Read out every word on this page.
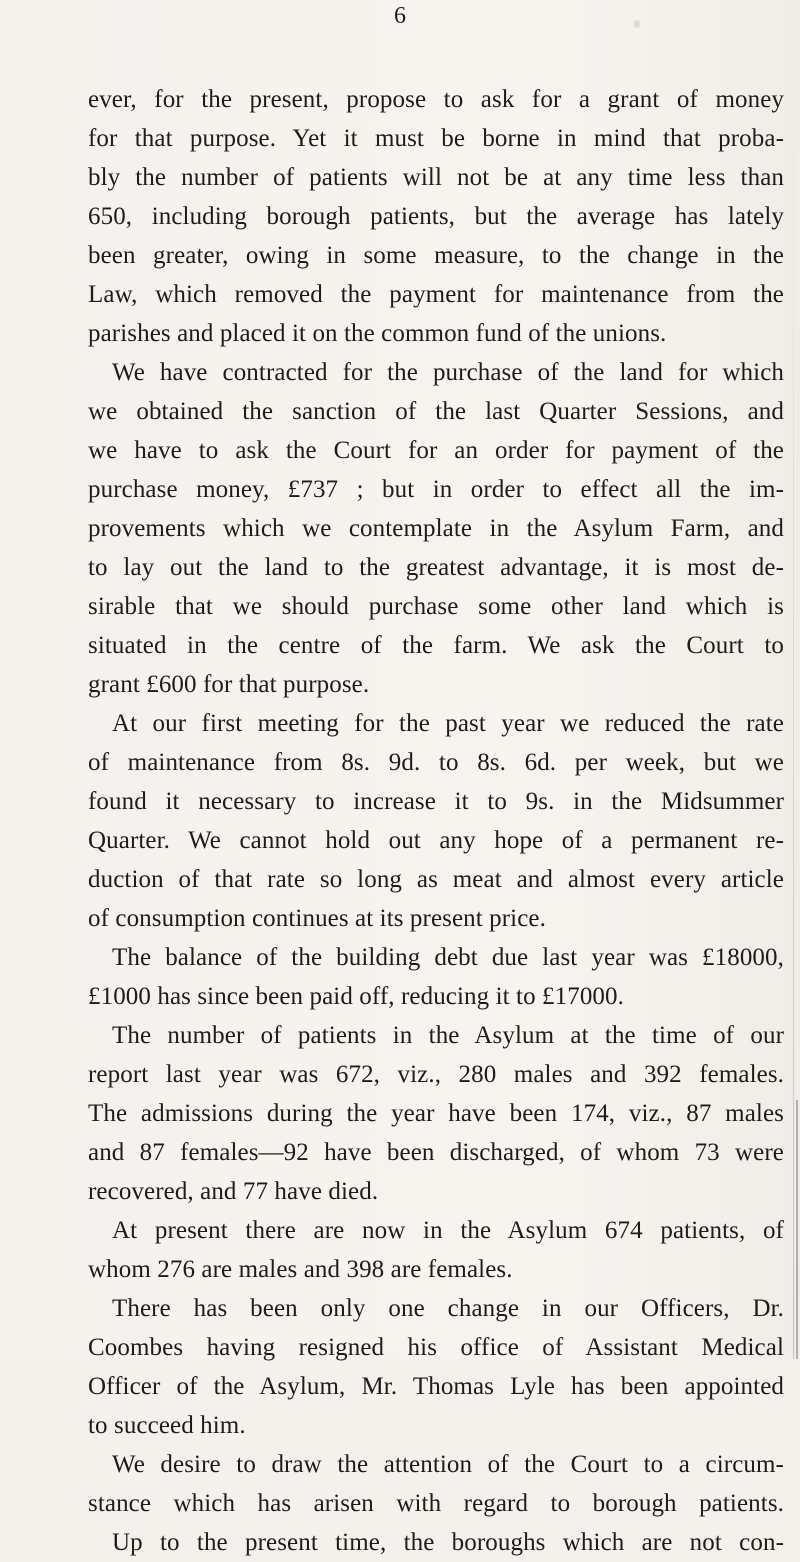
6
ever, for the present, propose to ask for a grant of money
for that purpose. Yet it must be borne in mind that proba-
bly the number of patients will not be at any time less than
650, including borough patients, but the average has lately
been greater, owing in some measure, to the change in the
Law, which removed the payment for maintenance from the
parishes and placed it on the common fund of the unions.
We have contracted for the purchase of the land for which
we obtained the sanction of the last Quarter Sessions, and
we have to ask the Court for an order for payment of the
purchase money, £737 ; but in order to effect all the im-
provements which we contemplate in the Asylum Farm, and
to lay out the land to the greatest advantage, it is most de-
sirable that we should purchase some other land which is
situated in the centre of the farm. We ask the Court to
grant £600 for that purpose.
At our first meeting for the past year we reduced the rate
of maintenance from 8s. 9d. to 8s. 6d. per week, but we
found it necessary to increase it to 9s. in the Midsummer
Quarter. We cannot hold out any hope of a permanent re-
duction of that rate so long as meat and almost every article
of consumption continues at its present price.
The balance of the building debt due last year was £18000,
£1000 has since been paid off, reducing it to £17000.
The number of patients in the Asylum at the time of our
report last year was 672, viz., 280 males and 392 females.
The admissions during the year have been 174, viz., 87 males
and 87 females—92 have been discharged, of whom 73 were
recovered, and 77 have died.
At present there are now in the Asylum 674 patients, of
whom 276 are males and 398 are females.
There has been only one change in our Officers, Dr.
Coombes having resigned his office of Assistant Medical
Officer of the Asylum, Mr. Thomas Lyle has been appointed
to succeed him.
We desire to draw the attention of the Court to a circum-
stance which has arisen with regard to borough patients.
Up to the present time, the boroughs which are not con-
